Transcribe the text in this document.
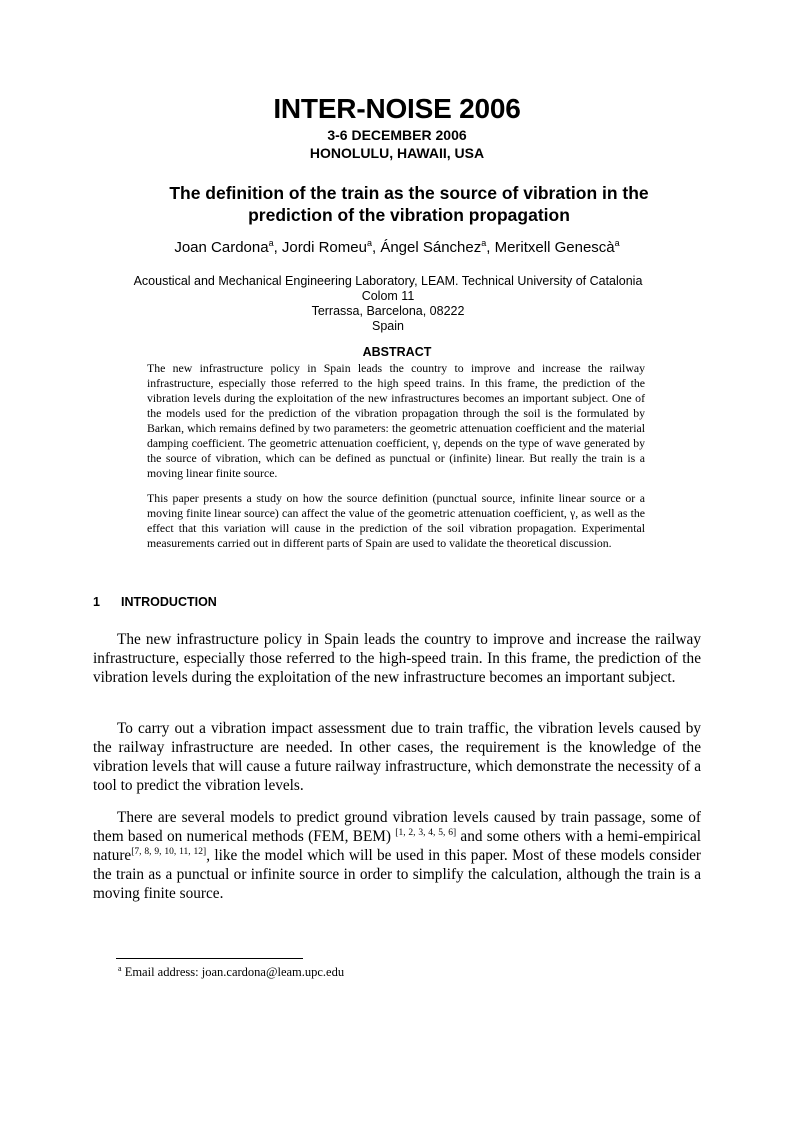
INTER-NOISE 2006
3-6 DECEMBER 2006
HONOLULU, HAWAII, USA
The definition of the train as the source of vibration in the
prediction of the vibration propagation
Joan Cardona$^a$, Jordi Romeu$^a$, Ángel Sánchez$^a$, Meritxell Genescà$^a$
Acoustical and Mechanical Engineering Laboratory, LEAM. Technical University of Catalonia
Colom 11
Terrassa, Barcelona, 08222
Spain
ABSTRACT

The new infrastructure policy in Spain leads the country to improve and increase the railway infrastructure, especially those referred to the high speed trains. In this frame, the prediction of the vibration levels during the exploitation of the new infrastructures becomes an important subject. One of the models used for the prediction of the vibration propagation through the soil is the formulated by Barkan, which remains defined by two parameters: the geometric attenuation coefficient and the material damping coefficient. The geometric attenuation coefficient, γ, depends on the type of wave generated by the source of vibration, which can be defined as punctual or (infinite) linear. But really the train is a moving linear finite source.

This paper presents a study on how the source definition (punctual source, infinite linear source or a moving finite linear source) can affect the value of the geometric attenuation coefficient, γ, as well as the effect that this variation will cause in the prediction of the soil vibration propagation. Experimental measurements carried out in different parts of Spain are used to validate the theoretical discussion.

1 INTRODUCTION

The new infrastructure policy in Spain leads the country to improve and increase the railway infrastructure, especially those referred to the high-speed train. In this frame, the prediction of the vibration levels during the exploitation of the new infrastructure becomes an important subject.

To carry out a vibration impact assessment due to train traffic, the vibration levels caused by the railway infrastructure are needed. In other cases, the requirement is the knowledge of the vibration levels that will cause a future railway infrastructure, which demonstrate the necessity of a tool to predict the vibration levels.

There are several models to predict ground vibration levels caused by train passage, some of them based on numerical methods (FEM, BEM) [1, 2, 3, 4, 5, 6] and some others with a hemi-empirical nature[7, 8, 9, 10, 11, 12], like the model which will be used in this paper. Most of these models consider the train as a punctual or infinite source in order to simplify the calculation, although the train is a moving finite source.

$^a$ Email address: joan.cardona@leam.upc.edu
